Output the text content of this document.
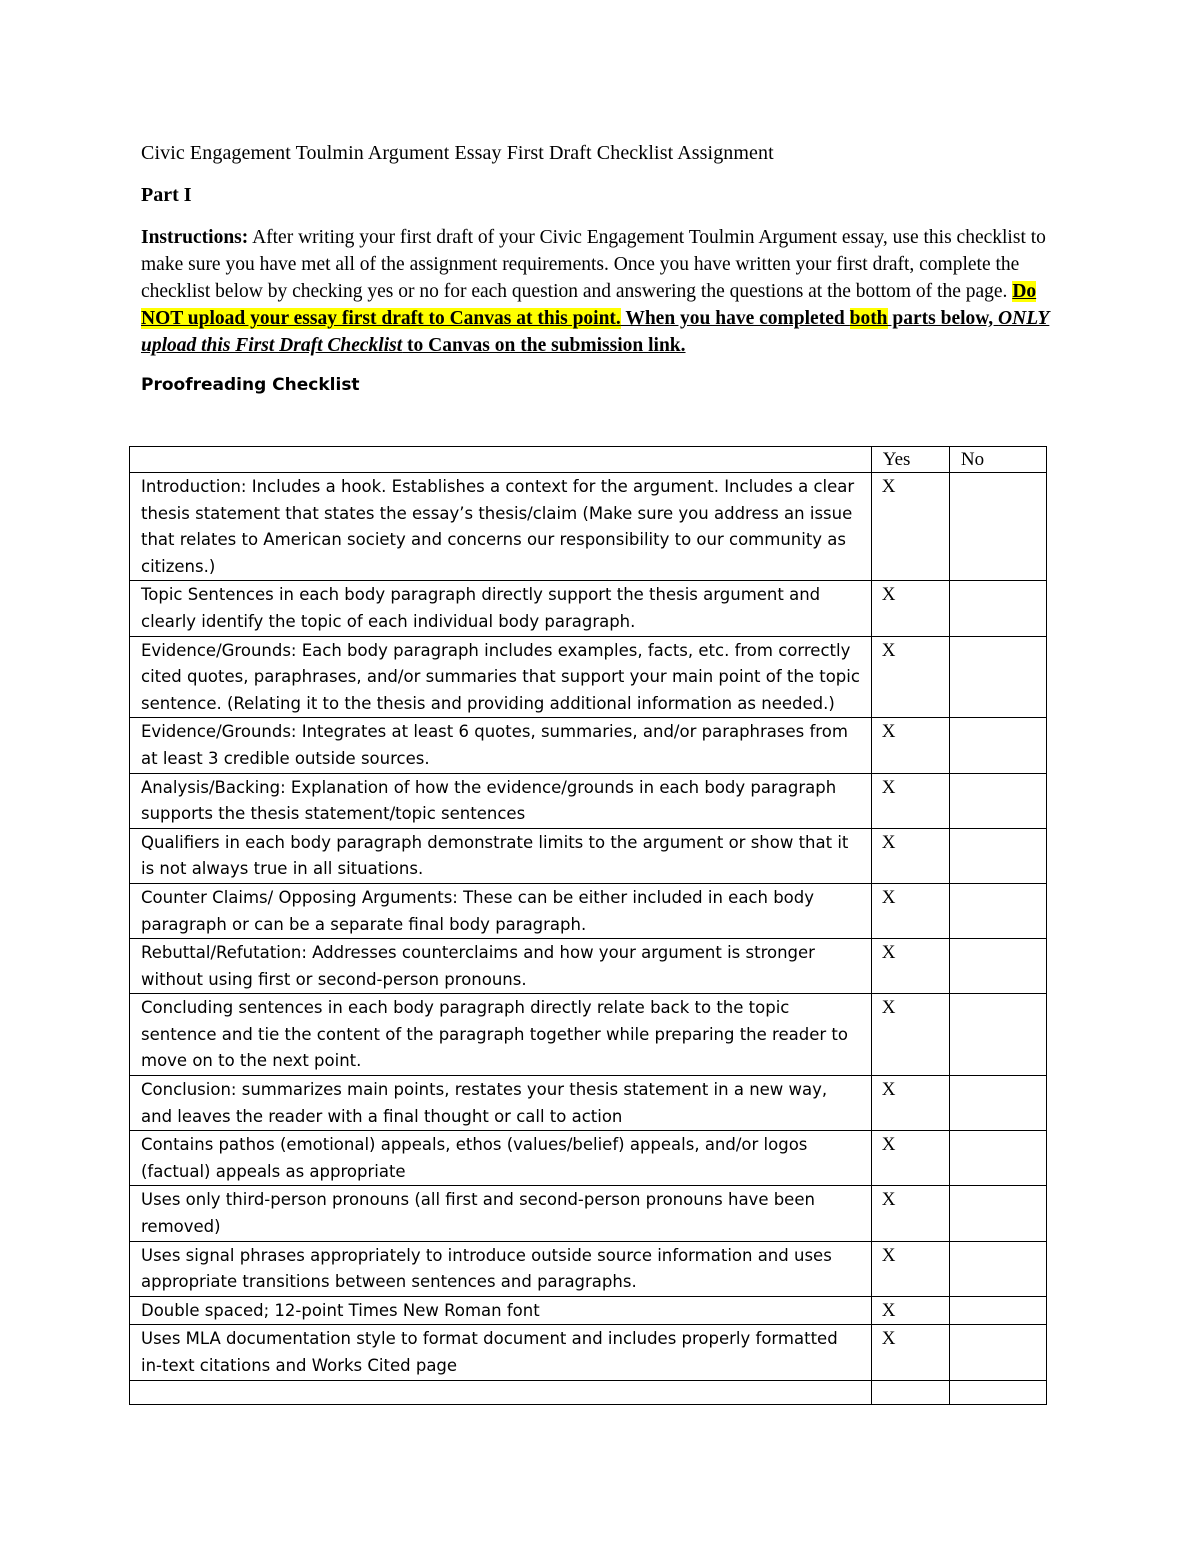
Civic Engagement Toulmin Argument Essay First Draft Checklist Assignment

Part I

Instructions: After writing your first draft of your Civic Engagement Toulmin Argument essay, use this checklist to make sure you have met all of the assignment requirements. Once you have written your first draft, complete the checklist below by checking yes or no for each question and answering the questions at the bottom of the page. Do NOT upload your essay first draft to Canvas at this point. When you have completed both parts below, ONLY upload this First Draft Checklist to Canvas on the submission link.

Proofreading Checklist

	Yes	No
Introduction: Includes a hook. Establishes a context for the argument. Includes a clear thesis statement that states the essay’s thesis/claim (Make sure you address an issue that relates to American society and concerns our responsibility to our community as citizens.)	X	
Topic Sentences in each body paragraph directly support the thesis argument and clearly identify the topic of each individual body paragraph.	X	
Evidence/Grounds: Each body paragraph includes examples, facts, etc. from correctly cited quotes, paraphrases, and/or summaries that support your main point of the topic sentence. (Relating it to the thesis and providing additional information as needed.)	X	
Evidence/Grounds: Integrates at least 6 quotes, summaries, and/or paraphrases from at least 3 credible outside sources.	X	
Analysis/Backing: Explanation of how the evidence/grounds in each body paragraph supports the thesis statement/topic sentences	X	
Qualifiers in each body paragraph demonstrate limits to the argument or show that it is not always true in all situations.	X	
Counter Claims/ Opposing Arguments: These can be either included in each body paragraph or can be a separate final body paragraph.	X	
Rebuttal/Refutation: Addresses counterclaims and how your argument is stronger without using first or second-person pronouns.	X	
Concluding sentences in each body paragraph directly relate back to the topic sentence and tie the content of the paragraph together while preparing the reader to move on to the next point.	X	
Conclusion: summarizes main points, restates your thesis statement in a new way, and leaves the reader with a final thought or call to action	X	
Contains pathos (emotional) appeals, ethos (values/belief) appeals, and/or logos (factual) appeals as appropriate	X	
Uses only third-person pronouns (all first and second-person pronouns have been removed)	X	
Uses signal phrases appropriately to introduce outside source information and uses appropriate transitions between sentences and paragraphs.	X	
Double spaced; 12-point Times New Roman font	X	
Uses MLA documentation style to format document and includes properly formatted in-text citations and Works Cited page	X	
